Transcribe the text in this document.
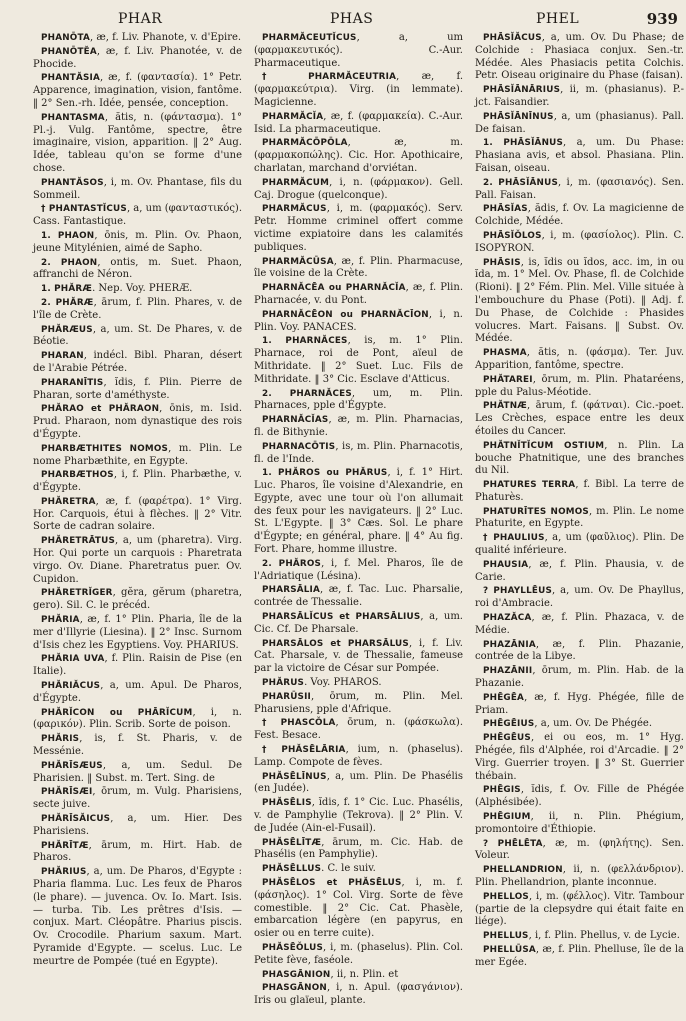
PHAR	PHAS	PHEL	939

PHANŌTA, æ, f. Liv. Phanote, v. d'Epire.

PHANŌTĔA, æ, f. Liv. Phanotée, v. de Phocide.

PHANTĂSIA, æ, f. (φαντασία). 1° Petr. Apparence, imagination, vision, fantôme. ‖ 2° Sen.-rh. Idée, pensée, conception.

PHANTASMA, ătis, n. (φάντασμα). 1° Pl.-j. Vulg. Fantôme, spectre, être imaginaire, vision, apparition. ‖ 2° Aug. Idée, tableau qu'on se forme d'une chose.

PHANTĂSOS, i, m. Ov. Phantase, fils du Sommeil.

† PHANTASTĬCUS, a, um (φανταστικός). Cass. Fantastique.

1. PHAON, ōnis, m. Plin. Ov. Phaon, jeune Mitylénien, aimé de Sapho.

2. PHAON, ontis, m. Suet. Phaon, affranchi de Néron.

1. PHĂRÆ. Nep. Voy. PHERÆ.

2. PHĂRÆ, ārum, f. Plin. Phares, v. de l'île de Crète.

PHĂRÆUS, a, um. St. De Phares, v. de Béotie.

PHARAN, indécl. Bibl. Pharan, désert de l'Arabie Pétrée.

PHARANĪTIS, ĭdis, f. Plin. Pierre de Pharan, sorte d'améthyste.

PHĂRAO et PHĂRAON, ōnis, m. Isid. Prud. Pharaon, nom dynastique des rois d'Égypte.

PHARBÆTHITES NOMOS, m. Plin. Le nome Pharbæthite, en Egypte.

PHARBÆTHOS, i, f. Plin. Pharbæthe, v. d'Égypte.

PHĂRETRA, æ, f. (φαρέτρα). 1° Virg. Hor. Carquois, étui à flèches. ‖ 2° Vitr. Sorte de cadran solaire.

PHĂRETRĀTUS, a, um (pharetra). Virg. Hor. Qui porte un carquois : Pharetrata virgo. Ov. Diane. Pharetratus puer. Ov. Cupidon.

PHĂRETRĬGER, gĕra, gĕrum (pharetra, gero). Sil. C. le précéd.

PHĂRIA, æ, f. 1° Plin. Pharia, île de la mer d'Illyrie (Liesina). ‖ 2° Insc. Surnom d'Isis chez les Egyptiens. Voy. PHARIUS.

PHĂRIA UVA, f. Plin. Raisin de Pise (en Italie).

PHĂRIĂCUS, a, um. Apul. De Pharos, d'Égypte.

PHĂRĬCON ou PHĀRĬCUM, i, n. (φαρικόν). Plin. Scrib. Sorte de poison.

PHĂRIS, is, f. St. Pharis, v. de Messénie.

PHĂRĪSÆUS, a, um. Sedul. De Pharisien. ‖ Subst. m. Tert. Sing. de

PHĂRĪSÆI, ōrum, m. Vulg. Pharisiens, secte juive.

PHĂRĪSĂICUS, a, um. Hier. Des Pharisiens.

PHĂRĪTÆ, ārum, m. Hirt. Hab. de Pharos.

PHĂRIUS, a, um. De Pharos, d'Egypte : Pharia flamma. Luc. Les feux de Pharos (le phare). — juvenca. Ov. Io. Mart. Isis. — turba. Tib. Les prêtres d'Isis. — conjux. Mart. Cléopâtre. Pharius piscis. Ov. Crocodile. Pharium saxum. Mart. Pyramide d'Egypte. — scelus. Luc. Le meurtre de Pompée (tué en Egypte).

PHARMĂCEUTĬCUS, a, um (φαρμακευτικός). C.-Aur. Pharmaceutique.

† PHARMĂCEUTRIA, æ, f. (φαρμακεύτρια). Virg. (in lemmate). Magicienne.

PHARMĂCĬA, æ, f. (φαρμακεία). C.-Aur. Isid. La pharmaceutique.

PHARMĂCŌPŌLA, æ, m. (φαρμακοπώλης). Cic. Hor. Apothicaire, charlatan, marchand d'orviétan.

PHARMĂCUM, i, n. (φάρμακον). Gell. Caj. Drogue (quelconque).

PHARMĂCUS, i, m. (φαρμακός). Serv. Petr. Homme criminel offert comme victime expiatoire dans les calamités publiques.

PHARMĂCŪSA, æ, f. Plin. Pharmacuse, île voisine de la Crète.

PHARNĂCĒA ou PHARNĂCĬA, æ, f. Plin. Pharnacée, v. du Pont.

PHARNĂCĒON ou PHARNĂCĪON, i, n. Plin. Voy. PANACES.

1. PHARNĂCES, is, m. 1° Plin. Pharnace, roi de Pont, aïeul de Mithridate. ‖ 2° Suet. Luc. Fils de Mithridate. ‖ 3° Cic. Esclave d'Atticus.

2. PHARNĂCES, um, m. Plin. Pharnaces, pple d'Égypte.

PHARNĂCĬAS, æ, m. Plin. Pharnacias, fl. de Bithynie.

PHARNACŌTIS, is, m. Plin. Pharnacotis, fl. de l'Inde.

1. PHĂROS ou PHĂRUS, i, f. 1° Hirt. Luc. Pharos, île voisine d'Alexandrie, en Egypte, avec une tour où l'on allumait des feux pour les navigateurs. ‖ 2° Luc. St. L'Egypte. ‖ 3° Cæs. Sol. Le phare d'Égypte; en général, phare. ‖ 4° Au fig. Fort. Phare, homme illustre.

2. PHĂROS, i, f. Mel. Pharos, île de l'Adriatique (Lésina).

PHARSĀLIA, æ, f. Tac. Luc. Pharsalie, contrée de Thessalie.

PHARSĀLĬCUS et PHARSĀLIUS, a, um. Cic. Cf. De Pharsale.

PHARSĀLOS et PHARSĀLUS, i, f. Liv. Cat. Pharsale, v. de Thessalie, fameuse par la victoire de César sur Pompée.

PHĂRUS. Voy. PHAROS.

PHARŪSII, ōrum, m. Plin. Mel. Pharusiens, pple d'Afrique.

† PHASCŎLA, ōrum, n. (φάσκωλα). Fest. Besace.

† PHĂSĒLĀRIA, ium, n. (phaselus). Lamp. Compote de fèves.

PHĂSĒLĪNUS, a, um. Plin. De Phasélis (en Judée).

PHĂSĒLIS, ĭdis, f. 1° Cic. Luc. Phasélis, v. de Pamphylie (Tekrova). ‖ 2° Plin. V. de Judée (Ain-el-Fusail).

PHĂSĒLĪTÆ, ārum, m. Cic. Hab. de Phasélis (en Pamphylie).

PHĂSĒLLUS. C. le suiv.

PHĂSĒLOS et PHĂSĒLUS, i, m. f. (φάσηλος). 1° Col. Virg. Sorte de fève comestible. ‖ 2° Cic. Cat. Phasèle, embarcation légère (en papyrus, en osier ou en terre cuite).

PHĂSĒŎLUS, i, m. (phaselus). Plin. Col. Petite fève, faséole.

PHASGĀNION, ii, n. Plin. et

PHASGĀNON, i, n. Apul. (φασγάνιον). Iris ou glaïeul, plante.

PHĀSĬĂCUS, a, um. Ov. Du Phase; de Colchide : Phasiaca conjux. Sen.-tr. Médée. Ales Phasiacis petita Colchis. Petr. Oiseau originaire du Phase (faisan).

PHĀSĬĀNĀRIUS, ii, m. (phasianus). P.-jct. Faisandier.

PHĀSĬĀNĪNUS, a, um (phasianus). Pall. De faisan.

1. PHĀSĬĀNUS, a, um. Du Phase: Phasiana avis, et absol. Phasiana. Plin. Faisan, oiseau.

2. PHĀSĬĀNUS, i, m. (φασιανός). Sen. Pall. Faisan.

PHĀSĬAS, ădis, f. Ov. La magicienne de Colchide, Médée.

PHĀSĬŎLOS, i, m. (φασίολος). Plin. C. ISOPYRON.

PHĀSIS, is, ĭdis ou ĭdos, acc. im, in ou ĭda, m. 1° Mel. Ov. Phase, fl. de Colchide (Rioni). ‖ 2° Fém. Plin. Mel. Ville située à l'embouchure du Phase (Poti). ‖ Adj. f. Du Phase, de Colchide : Phasides volucres. Mart. Faisans. ‖ Subst. Ov. Médée.

PHASMA, ătis, n. (φάσμα). Ter. Juv. Apparition, fantôme, spectre.

PHĂTAREI, ōrum, m. Plin. Phataréens, pple du Palus-Méotide.

PHĂTNÆ, ārum, f. (φάτναι). Cic.-poet. Les Crèches, espace entre les deux étoiles du Cancer.

PHĂTNĬTĬCUM OSTIUM, n. Plin. La bouche Phatnitique, une des branches du Nil.

PHATURES TERRA, f. Bibl. La terre de Phaturès.

PHATURĪTES NOMOS, m. Plin. Le nome Phaturite, en Egypte.

† PHAULIUS, a, um (φαῦλιος). Plin. De qualité inférieure.

PHAUSIA, æ, f. Plin. Phausia, v. de Carie.

? PHAYLLĒUS, a, um. Ov. De Phayllus, roi d'Ambracie.

PHAZĂCA, æ, f. Plin. Phazaca, v. de Médie.

PHAZĀNIA, æ, f. Plin. Phazanie, contrée de la Libye.

PHAZĀNII, ōrum, m. Plin. Hab. de la Phazanie.

PHĒGĒA, æ, f. Hyg. Phégée, fille de Priam.

PHĒGĒIUS, a, um. Ov. De Phégée.

PHĒGĒUS, ei ou eos, m. 1° Hyg. Phégée, fils d'Alphée, roi d'Arcadie. ‖ 2° Virg. Guerrier troyen. ‖ 3° St. Guerrier thébain.

PHĒGIS, ĭdis, f. Ov. Fille de Phégée (Alphésibée).

PHĒGIUM, ii, n. Plin. Phégium, promontoire d'Éthiopie.

? PHĒLĒTA, æ, m. (φηλήτης). Sen. Voleur.

PHELLANDRION, ii, n. (φελλάνδριον). Plin. Phellandrion, plante inconnue.

PHELLOS, i, m. (φέλλος). Vitr. Tambour (partie de la clepsydre qui était faite en liége).

PHELLUS, i, f. Plin. Phellus, v. de Lycie.

PHELLŪSA, æ, f. Plin. Phelluse, île de la mer Egée.
